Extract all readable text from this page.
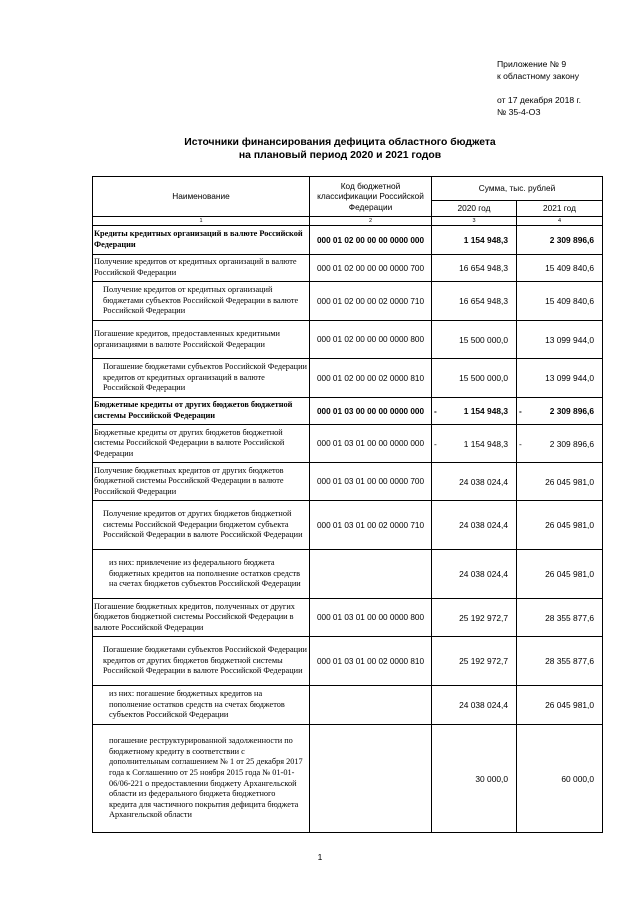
Приложение № 9
к областному закону
от 17 декабря 2018 г.
№ 35-4-ОЗ
Источники финансирования дефицита областного бюджета
на плановый период 2020 и 2021 годов
Наименование	Код бюджетной классификации Российской Федерации	Сумма, тыс. рублей	
		2020 год	2021 год
1	2	3	4

Кредиты кредитных организаций в валюте Российской Федерации	000 01 02 00 00 00 0000 000	1 154 948,3	2 309 896,6

Получение кредитов от кредитных организаций в валюте Российской Федерации	000 01 02 00 00 00 0000 700	16 654 948,3	15 409 840,6

Получение кредитов от кредитных организаций бюджетами субъектов Российской Федерации в валюте Российской Федерации	000 01 02 00 00 02 0000 710	16 654 948,3	15 409 840,6

Погашение кредитов, предоставленных кредитными организациями в валюте Российской Федерации	000 01 02 00 00 00 0000 800	15 500 000,0	13 099 944,0

Погашение бюджетами субъектов Российской Федерации кредитов от кредитных организаций в валюте Российской Федерации	000 01 02 00 00 02 0000 810	15 500 000,0	13 099 944,0

Бюджетные кредиты от других бюджетов бюджетной системы Российской Федерации	000 01 03 00 00 00 0000 000	- 1 154 948,3	- 2 309 896,6

Бюджетные кредиты от других бюджетов бюджетной системы Российской Федерации в валюте Российской Федерации	000 01 03 01 00 00 0000 000	- 1 154 948,3	- 2 309 896,6

Получение бюджетных кредитов от других бюджетов бюджетной системы Российской Федерации в валюте Российской Федерации	000 01 03 01 00 00 0000 700	24 038 024,4	26 045 981,0

Получение кредитов от других бюджетов бюджетной системы Российской Федерации бюджетом субъекта Российской Федерации в валюте Российской Федерации	000 01 03 01 00 02 0000 710	24 038 024,4	26 045 981,0

из них: привлечение из федерального бюджета бюджетных кредитов на пополнение остатков средств на счетах бюджетов субъектов Российской Федерации		24 038 024,4	26 045 981,0

Погашение бюджетных кредитов, полученных от других бюджетов бюджетной системы Российской Федерации в валюте Российской Федерации	000 01 03 01 00 00 0000 800	25 192 972,7	28 355 877,6

Погашение бюджетами субъектов Российской Федерации кредитов от других бюджетов бюджетной системы Российской Федерации в валюте Российской Федерации	000 01 03 01 00 02 0000 810	25 192 972,7	28 355 877,6

из них: погашение бюджетных кредитов на пополнение остатков средств на счетах бюджетов субъектов Российской Федерации		24 038 024,4	26 045 981,0

погашение реструктурированной задолженности по бюджетному кредиту в соответствии с дополнительным соглашением № 1 от 25 декабря 2017 года к Соглашению от 25 ноября 2015 года № 01-01-06/06-221 о предоставлении бюджету Архангельской области из федерального бюджета бюджетного кредита для частичного покрытия дефицита бюджета Архангельской области		30 000,0	60 000,0
1
